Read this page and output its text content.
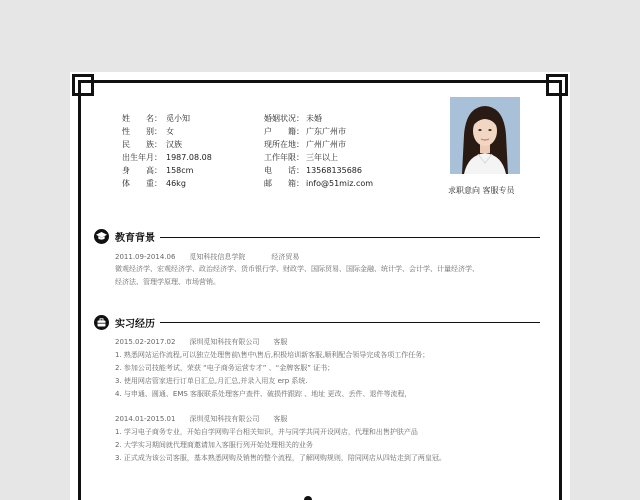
姓　　名： 觅小知
性　　别： 女
民　　族： 汉族
出生年月： 1987.08.08
身　　高： 158cm
体　　重： 46kg
婚姻状况： 未婚
户　　籍： 广东广州市
现所在地： 广州广州市
工作年限： 三年以上
电　　话： 13568135686
邮　　箱： info@51miz.com
求职意向 客服专员
教育背景
2011.09-2014.06 觅知科技信息学院	经济贸易
微观经济学、宏观经济学、政治经济学、货币银行学、财政学、国际贸易、国际金融、统计学、会计学、计量经济学、
经济法、管理学原理、市场营销。
实习经历
2015.02-2017.02 深圳觅知科技有限公司 客服
1. 熟悉网站运作流程,可以独立处理售前\售中\售后,积极培训新客服,顺利配合领导完成各项工作任务；
2. 参加公司技能考试，荣获 “电子商务运营专才” 、“金牌客服” 证书；
3. 使用网店管家进行订单日汇总,月汇总,并录入用友 erp 系统.
4. 与申通、圆通、EMS 客服联系处理客户查件、破损件跟踪 、地址 更改、丢件、退件等流程，
2014.01-2015.01 深圳觅知科技有限公司 客服
1. 学习电子商务专业，开始自学网购平台相关知识，并与同学共同开设网店，代理和出售护肤产品
2. 大学实习期间就代理商邀请加入客服行列开始处理相关的业务
3. 正式成为该公司客服，基本熟悉网购及销售的整个流程，了解网购规则，陪同网店从四钻走到了两皇冠。
